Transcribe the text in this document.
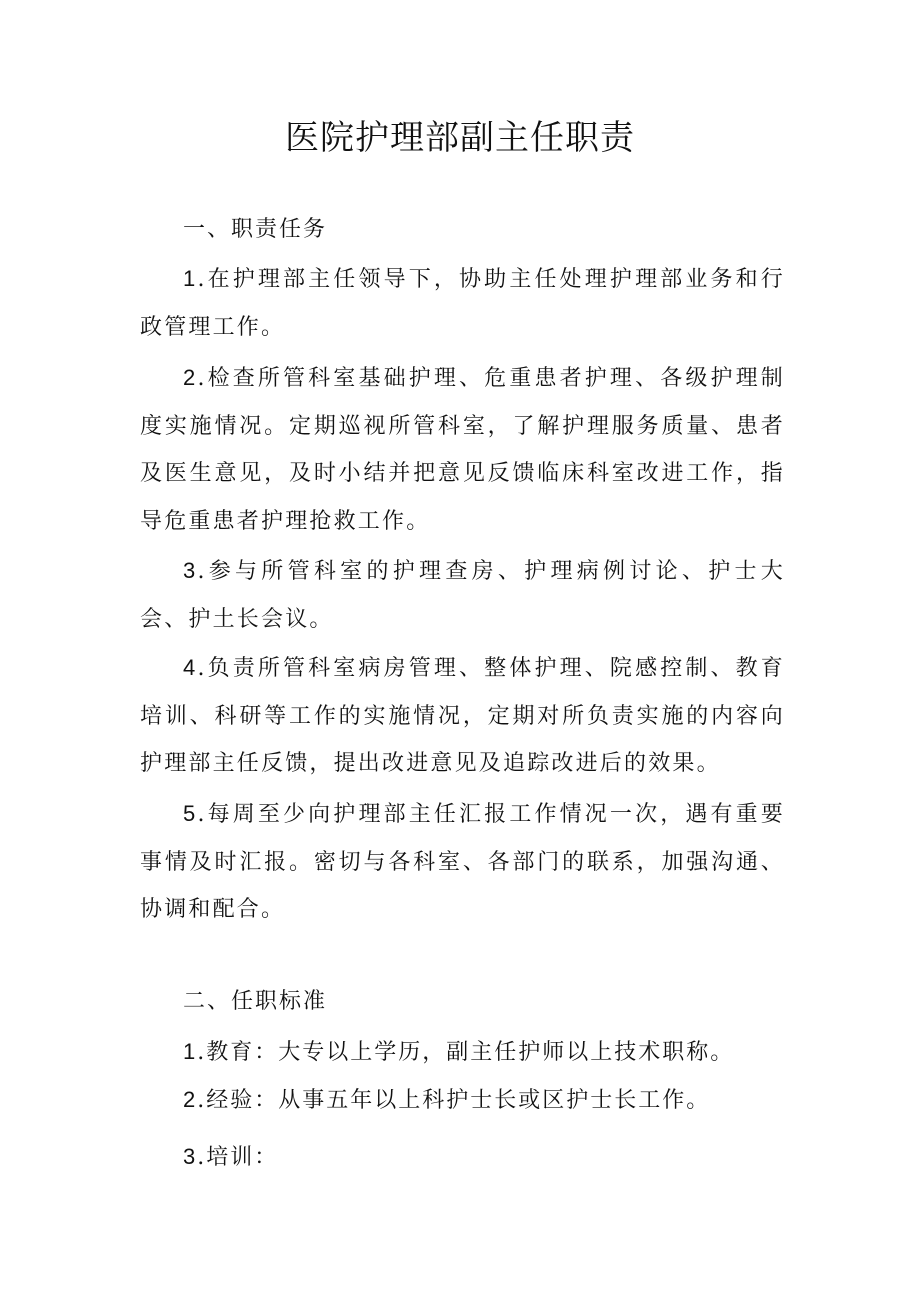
医院护理部副主任职责
一、职责任务

1.在护理部主任领导下，协助主任处理护理部业务和行政管理工作。

2.检查所管科室基础护理、危重患者护理、各级护理制度实施情况。定期巡视所管科室，了解护理服务质量、患者及医生意见，及时小结并把意见反馈临床科室改进工作，指导危重患者护理抢救工作。

3.参与所管科室的护理查房、护理病例讨论、护士大会、护土长会议。

4.负责所管科室病房管理、整体护理、院感控制、教育培训、科研等工作的实施情况，定期对所负责实施的内容向护理部主任反馈，提出改进意见及追踪改进后的效果。

5.每周至少向护理部主任汇报工作情况一次，遇有重要事情及时汇报。密切与各科室、各部门的联系，加强沟通、协调和配合。

二、任职标准

1.教育：大专以上学历，副主任护师以上技术职称。

2.经验：从事五年以上科护士长或区护士长工作。

3.培训：
